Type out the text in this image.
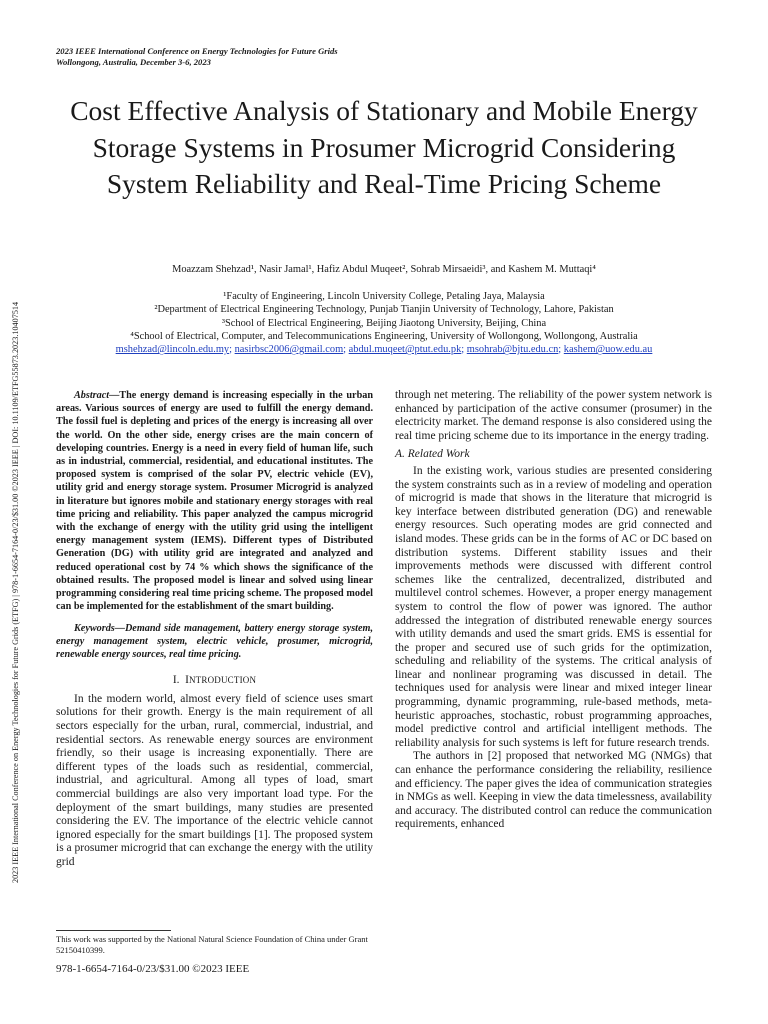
2023 IEEE International Conference on Energy Technologies for Future Grids
Wollongong, Australia, December 3-6, 2023
2023 IEEE International Conference on Energy Technologies for Future Grids (ETFG) | 978-1-6654-7164-0/23/$31.00 ©2023 IEEE | DOI: 10.1109/ETFG55873.2023.10407514
Cost Effective Analysis of Stationary and Mobile Energy Storage Systems in Prosumer Microgrid Considering System Reliability and Real-Time Pricing Scheme
Moazzam Shehzad¹, Nasir Jamal¹, Hafiz Abdul Muqeet², Sohrab Mirsaeidi³, and Kashem M. Muttaqi⁴
¹Faculty of Engineering, Lincoln University College, Petaling Jaya, Malaysia
²Department of Electrical Engineering Technology, Punjab Tianjin University of Technology, Lahore, Pakistan
³School of Electrical Engineering, Beijing Jiaotong University, Beijing, China
⁴School of Electrical, Computer, and Telecommunications Engineering, University of Wollongong, Wollongong, Australia
mshehzad@lincoln.edu.my; nasirbsc2006@gmail.com; abdul.muqeet@ptut.edu.pk; msohrab@bjtu.edu.cn; kashem@uow.edu.au

Abstract—The energy demand is increasing especially in the urban areas. Various sources of energy are used to fulfill the energy demand. The fossil fuel is depleting and prices of the energy is increasing all over the world. On the other side, energy crises are the main concern of developing countries. Energy is a need in every field of human life, such as in industrial, commercial, residential, and educational institutes. The proposed system is comprised of the solar PV, electric vehicle (EV), utility grid and energy storage system. Prosumer Microgrid is analyzed in literature but ignores mobile and stationary energy storages with real time pricing and reliability. This paper analyzed the campus microgrid with the exchange of energy with the utility grid using the intelligent energy management system (IEMS). Different types of Distributed Generation (DG) with utility grid are integrated and analyzed and reduced operational cost by 74 % which shows the significance of the obtained results. The proposed model is linear and solved using linear programming considering real time pricing scheme. The proposed model can be implemented for the establishment of the smart building.

Keywords—Demand side management, battery energy storage system, energy management system, electric vehicle, prosumer, microgrid, renewable energy sources, real time pricing.

I. INTRODUCTION

In the modern world, almost every field of science uses smart solutions for their growth. Energy is the main requirement of all sectors especially for the urban, rural, commercial, industrial, and residential sectors. As renewable energy sources are environment friendly, so their usage is increasing exponentially. There are different types of the loads such as residential, commercial, industrial, and agricultural. Among all types of load, smart commercial buildings are also very important load type. For the deployment of the smart buildings, many studies are presented considering the EV. The importance of the electric vehicle cannot ignored especially for the smart buildings [1]. The proposed system is a prosumer microgrid that can exchange the energy with the utility grid

through net metering. The reliability of the power system network is enhanced by participation of the active consumer (prosumer) in the electricity market. The demand response is also considered using the real time pricing scheme due to its importance in the energy trading.

A. Related Work

In the existing work, various studies are presented considering the system constraints such as in a review of modeling and operation of microgrid is made that shows in the literature that microgrid is key interface between distributed generation (DG) and renewable energy resources. Such operating modes are grid connected and island modes. These grids can be in the forms of AC or DC based on distribution systems. Different stability issues and their improvements methods were discussed with different control schemes like the centralized, decentralized, distributed and multilevel control schemes. However, a proper energy management system to control the flow of power was ignored. The author addressed the integration of distributed renewable energy sources with utility demands and used the smart grids. EMS is essential for the proper and secured use of such grids for the optimization, scheduling and reliability of the systems. The critical analysis of linear and nonlinear programing was discussed in detail. The techniques used for analysis were linear and mixed integer linear programming, dynamic programming, rule-based methods, meta-heuristic approaches, stochastic, robust programming approaches, model predictive control and artificial intelligent methods. The reliability analysis for such systems is left for future research trends.

The authors in [2] proposed that networked MG (NMGs) that can enhance the performance considering the reliability, resilience and efficiency. The paper gives the idea of communication strategies in NMGs as well. Keeping in view the data timelessness, availability and accuracy. The distributed control can reduce the communication requirements, enhanced

This work was supported by the National Natural Science Foundation of China under Grant 52150410399.
978-1-6654-7164-0/23/$31.00 ©2023 IEEE
